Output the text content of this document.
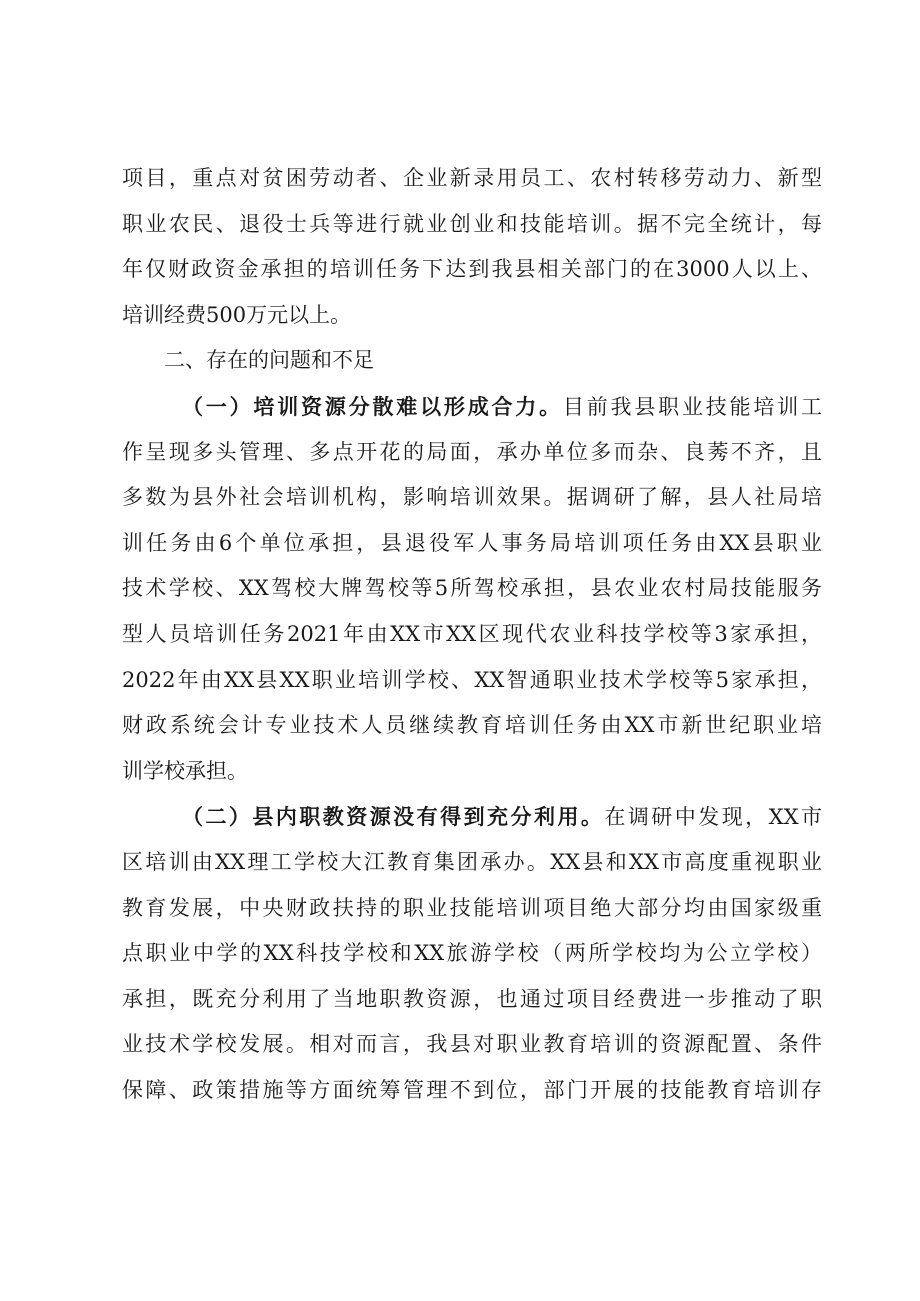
项目，重点对贫困劳动者、企业新录用员工、农村转移劳动力、新型
职业农民、退役士兵等进行就业创业和技能培训。据不完全统计，每
年仅财政资金承担的培训任务下达到我县相关部门的在3000人以上、
培训经费500万元以上。
二、存在的问题和不足
（一）培训资源分散难以形成合力。目前我县职业技能培训工
作呈现多头管理、多点开花的局面，承办单位多而杂、良莠不齐，且
多数为县外社会培训机构，影响培训效果。据调研了解，县人社局培
训任务由6个单位承担，县退役军人事务局培训项任务由XX县职业
技术学校、XX驾校大牌驾校等5所驾校承担，县农业农村局技能服务
型人员培训任务2021年由XX市XX区现代农业科技学校等3家承担，
2022年由XX县XX职业培训学校、XX智通职业技术学校等5家承担，
财政系统会计专业技术人员继续教育培训任务由XX市新世纪职业培
训学校承担。
（二）县内职教资源没有得到充分利用。在调研中发现，XX市
区培训由XX理工学校大江教育集团承办。XX县和XX市高度重视职业
教育发展，中央财政扶持的职业技能培训项目绝大部分均由国家级重
点职业中学的XX科技学校和XX旅游学校（两所学校均为公立学校）
承担，既充分利用了当地职教资源，也通过项目经费进一步推动了职
业技术学校发展。相对而言，我县对职业教育培训的资源配置、条件
保障、政策措施等方面统筹管理不到位，部门开展的技能教育培训存
